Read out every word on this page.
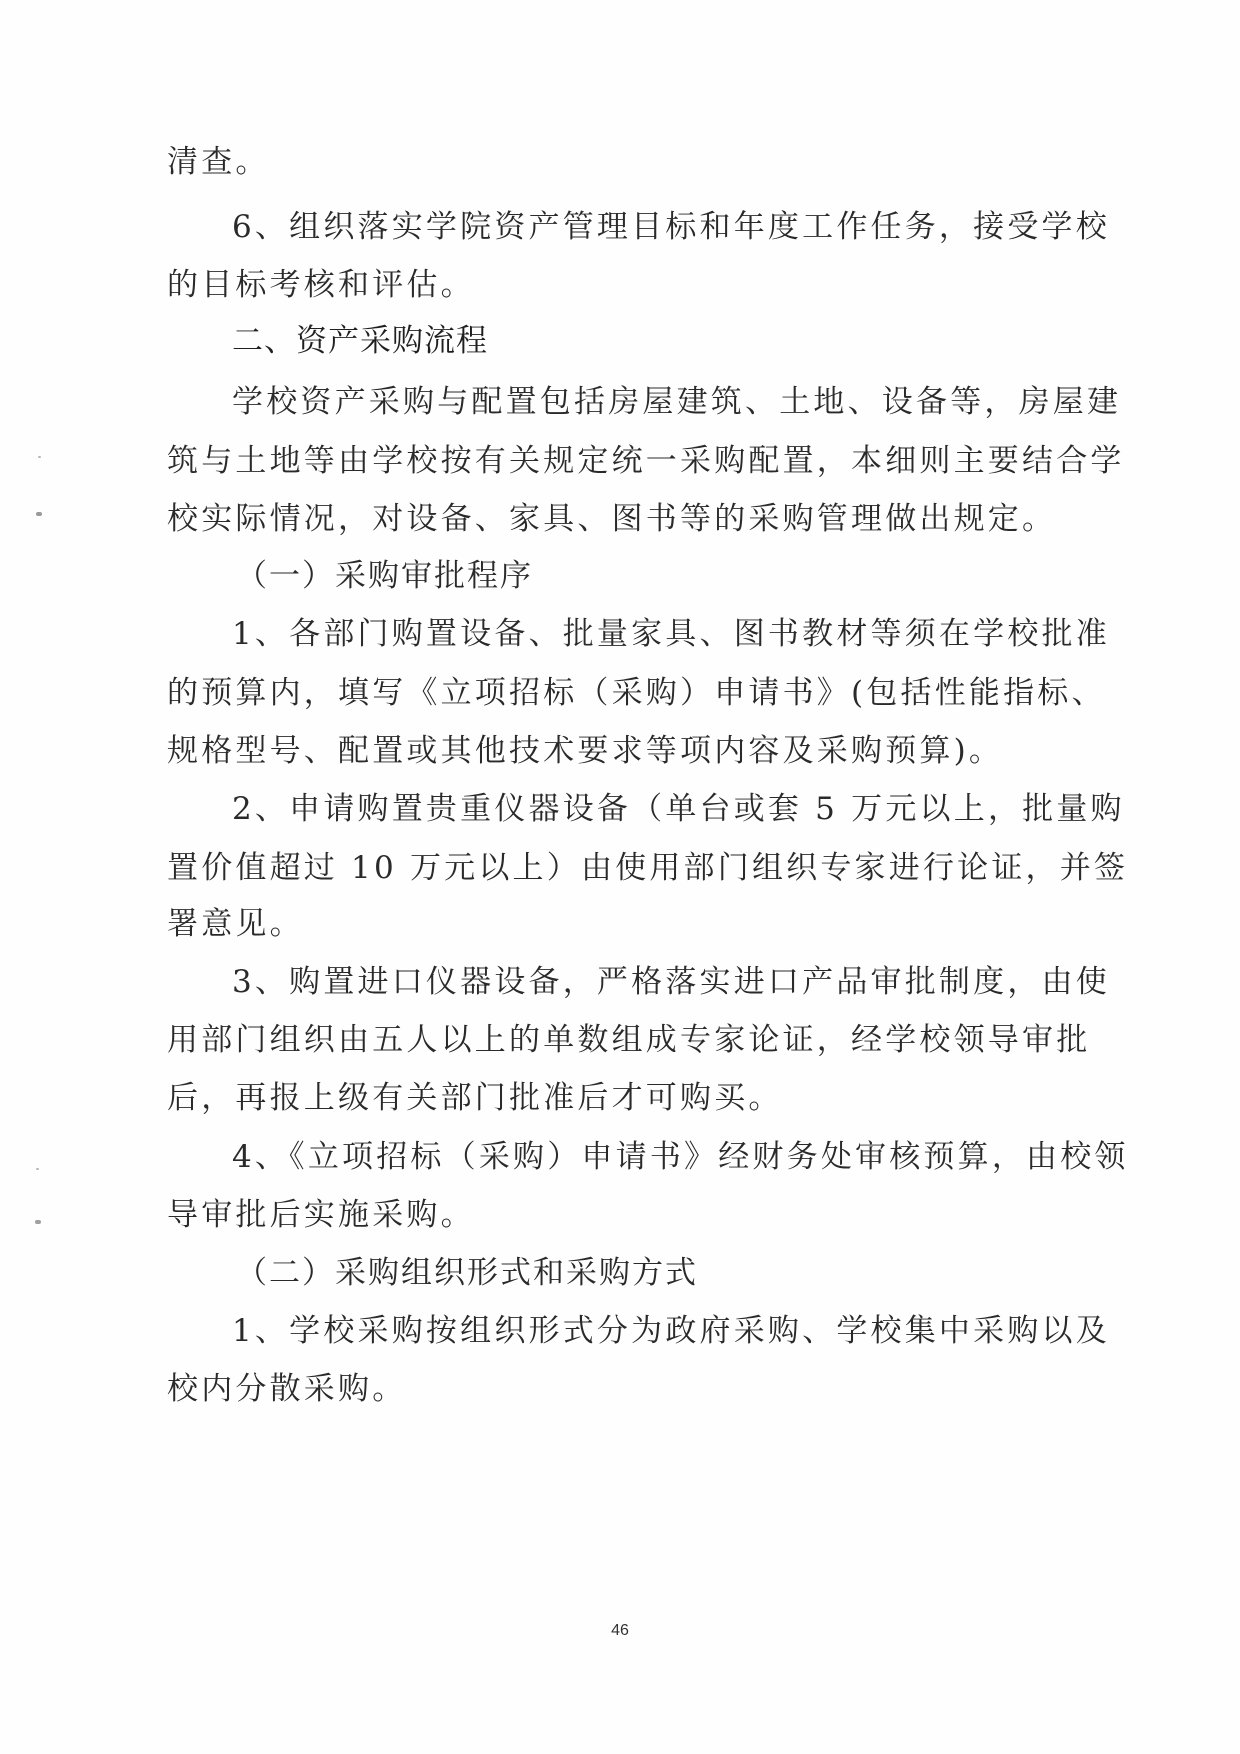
清查。
6、组织落实学院资产管理目标和年度工作任务，接受学校
的目标考核和评估。
二、资产采购流程
学校资产采购与配置包括房屋建筑、土地、设备等，房屋建
筑与土地等由学校按有关规定统一采购配置，本细则主要结合学
校实际情况，对设备、家具、图书等的采购管理做出规定。
（一）采购审批程序
1、各部门购置设备、批量家具、图书教材等须在学校批准
的预算内，填写《立项招标（采购）申请书》(包括性能指标、
规格型号、配置或其他技术要求等项内容及采购预算)。
2、申请购置贵重仪器设备（单台或套 5 万元以上，批量购
置价值超过 10 万元以上）由使用部门组织专家进行论证，并签
署意见。
3、购置进口仪器设备，严格落实进口产品审批制度，由使
用部门组织由五人以上的单数组成专家论证，经学校领导审批
后，再报上级有关部门批准后才可购买。
4、《立项招标（采购）申请书》经财务处审核预算，由校领
导审批后实施采购。
（二）采购组织形式和采购方式
1、学校采购按组织形式分为政府采购、学校集中采购以及
校内分散采购。
46
